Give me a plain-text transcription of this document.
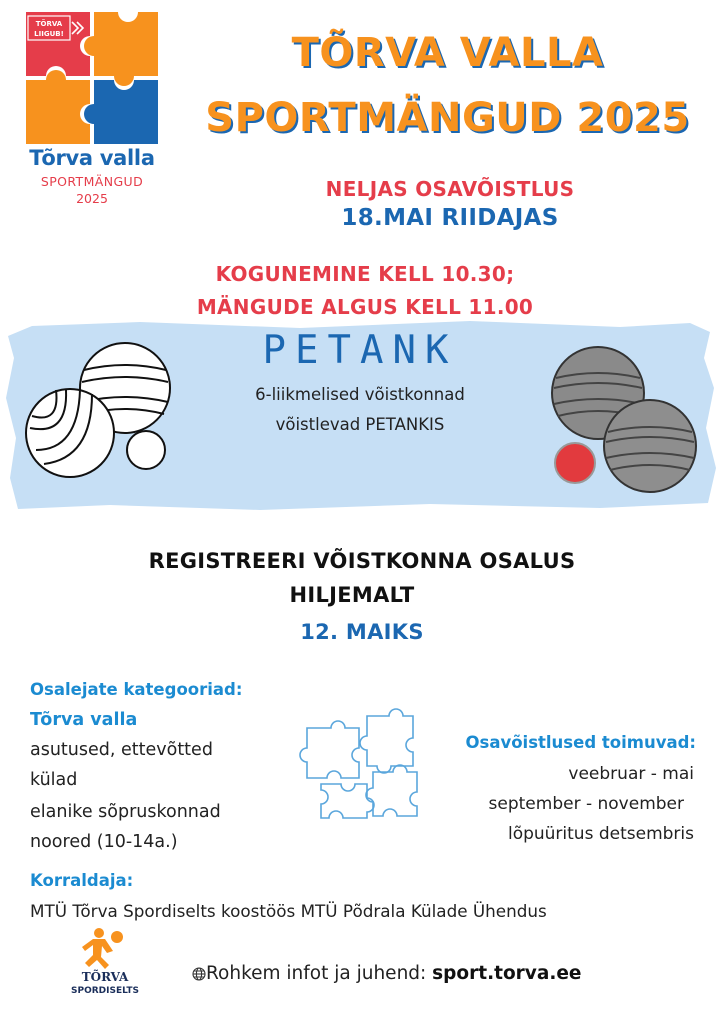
TÕRVA
LIIGUB!
Tõrva valla
SPORTMÄNGUD
2025
TÕRVA VALLA
SPORTMÄNGUD 2025
NELJAS OSAVÕISTLUS
18.MAI RIIDAJAS
KOGUNEMINE KELL 10.30;
MÄNGUDE ALGUS KELL 11.00
PETANK
6-liikmelised võistkonnad
võistlevad PETANKIS
REGISTREERI VÕISTKONNA OSALUS
HILJEMALT
12. MAIKS
Osalejate kategooriad:
Tõrva valla
asutused, ettevõtted
külad
elanike sõpruskonnad
noored (10-14a.)
Osavõistlused toimuvad:
veebruar - mai
september - november
lõpuüritus detsembris
Korraldaja:
MTÜ Tõrva Spordiselts koostöös MTÜ Põdrala Külade Ühendus
TÕRVA
SPORDISELTS
Rohkem infot ja juhend: sport.torva.ee
